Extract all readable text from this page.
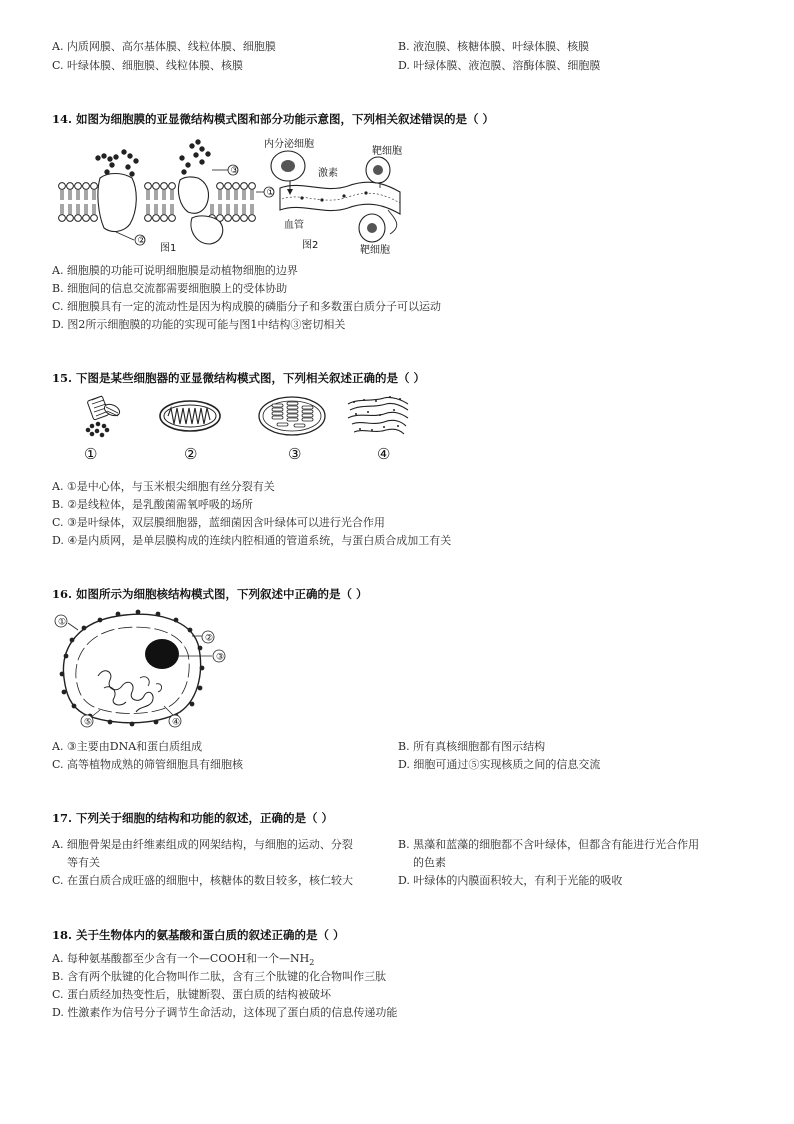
A. 内质网膜、高尔基体膜、线粒体膜、细胞膜	B. 液泡膜、核糖体膜、叶绿体膜、核膜
C. 叶绿体膜、细胞膜、线粒体膜、核膜	D. 叶绿体膜、液泡膜、溶酶体膜、细胞膜
14. 如图为细胞膜的亚显微结构模式图和部分功能示意图，下列相关叙述错误的是（ ）
③
①
②
图1
内分泌细胞
靶细胞
激素
血管
图2	靶细胞
A. 细胞膜的功能可说明细胞膜是动植物细胞的边界
B. 细胞间的信息交流都需要细胞膜上的受体协助
C. 细胞膜具有一定的流动性是因为构成膜的磷脂分子和多数蛋白质分子可以运动
D. 图2所示细胞膜的功能的实现可能与图1中结构③密切相关
15. 下图是某些细胞器的亚显微结构模式图，下列相关叙述正确的是（ ）
①	②	③	④
A. ①是中心体，与玉米根尖细胞有丝分裂有关
B. ②是线粒体，是乳酸菌需氧呼吸的场所
C. ③是叶绿体，双层膜细胞器，蓝细菌因含叶绿体可以进行光合作用
D. ④是内质网，是单层膜构成的连续内腔相通的管道系统，与蛋白质合成加工有关
16. 如图所示为细胞核结构模式图，下列叙述中正确的是（ ）
①
②
③
④
⑤
A. ③主要由DNA和蛋白质组成	B. 所有真核细胞都有图示结构
C. 高等植物成熟的筛管细胞具有细胞核	D. 细胞可通过⑤实现核质之间的信息交流
17. 下列关于细胞的结构和功能的叙述，正确的是（ ）
A. 细胞骨架是由纤维素组成的网架结构，与细胞的运动、分裂
等有关
B. 黑藻和蓝藻的细胞都不含叶绿体，但都含有能进行光合作用
的色素
C. 在蛋白质合成旺盛的细胞中，核糖体的数目较多，核仁较大	D. 叶绿体的内膜面积较大，有利于光能的吸收
18. 关于生物体内的氨基酸和蛋白质的叙述正确的是（ ）
A. 每种氨基酸都至少含有一个—COOH和一个$—NH_2$
B. 含有两个肽键的化合物叫作二肽，含有三个肽键的化合物叫作三肽
C. 蛋白质经加热变性后，肽键断裂、蛋白质的结构被破坏
D. 性激素作为信号分子调节生命活动，这体现了蛋白质的信息传递功能
